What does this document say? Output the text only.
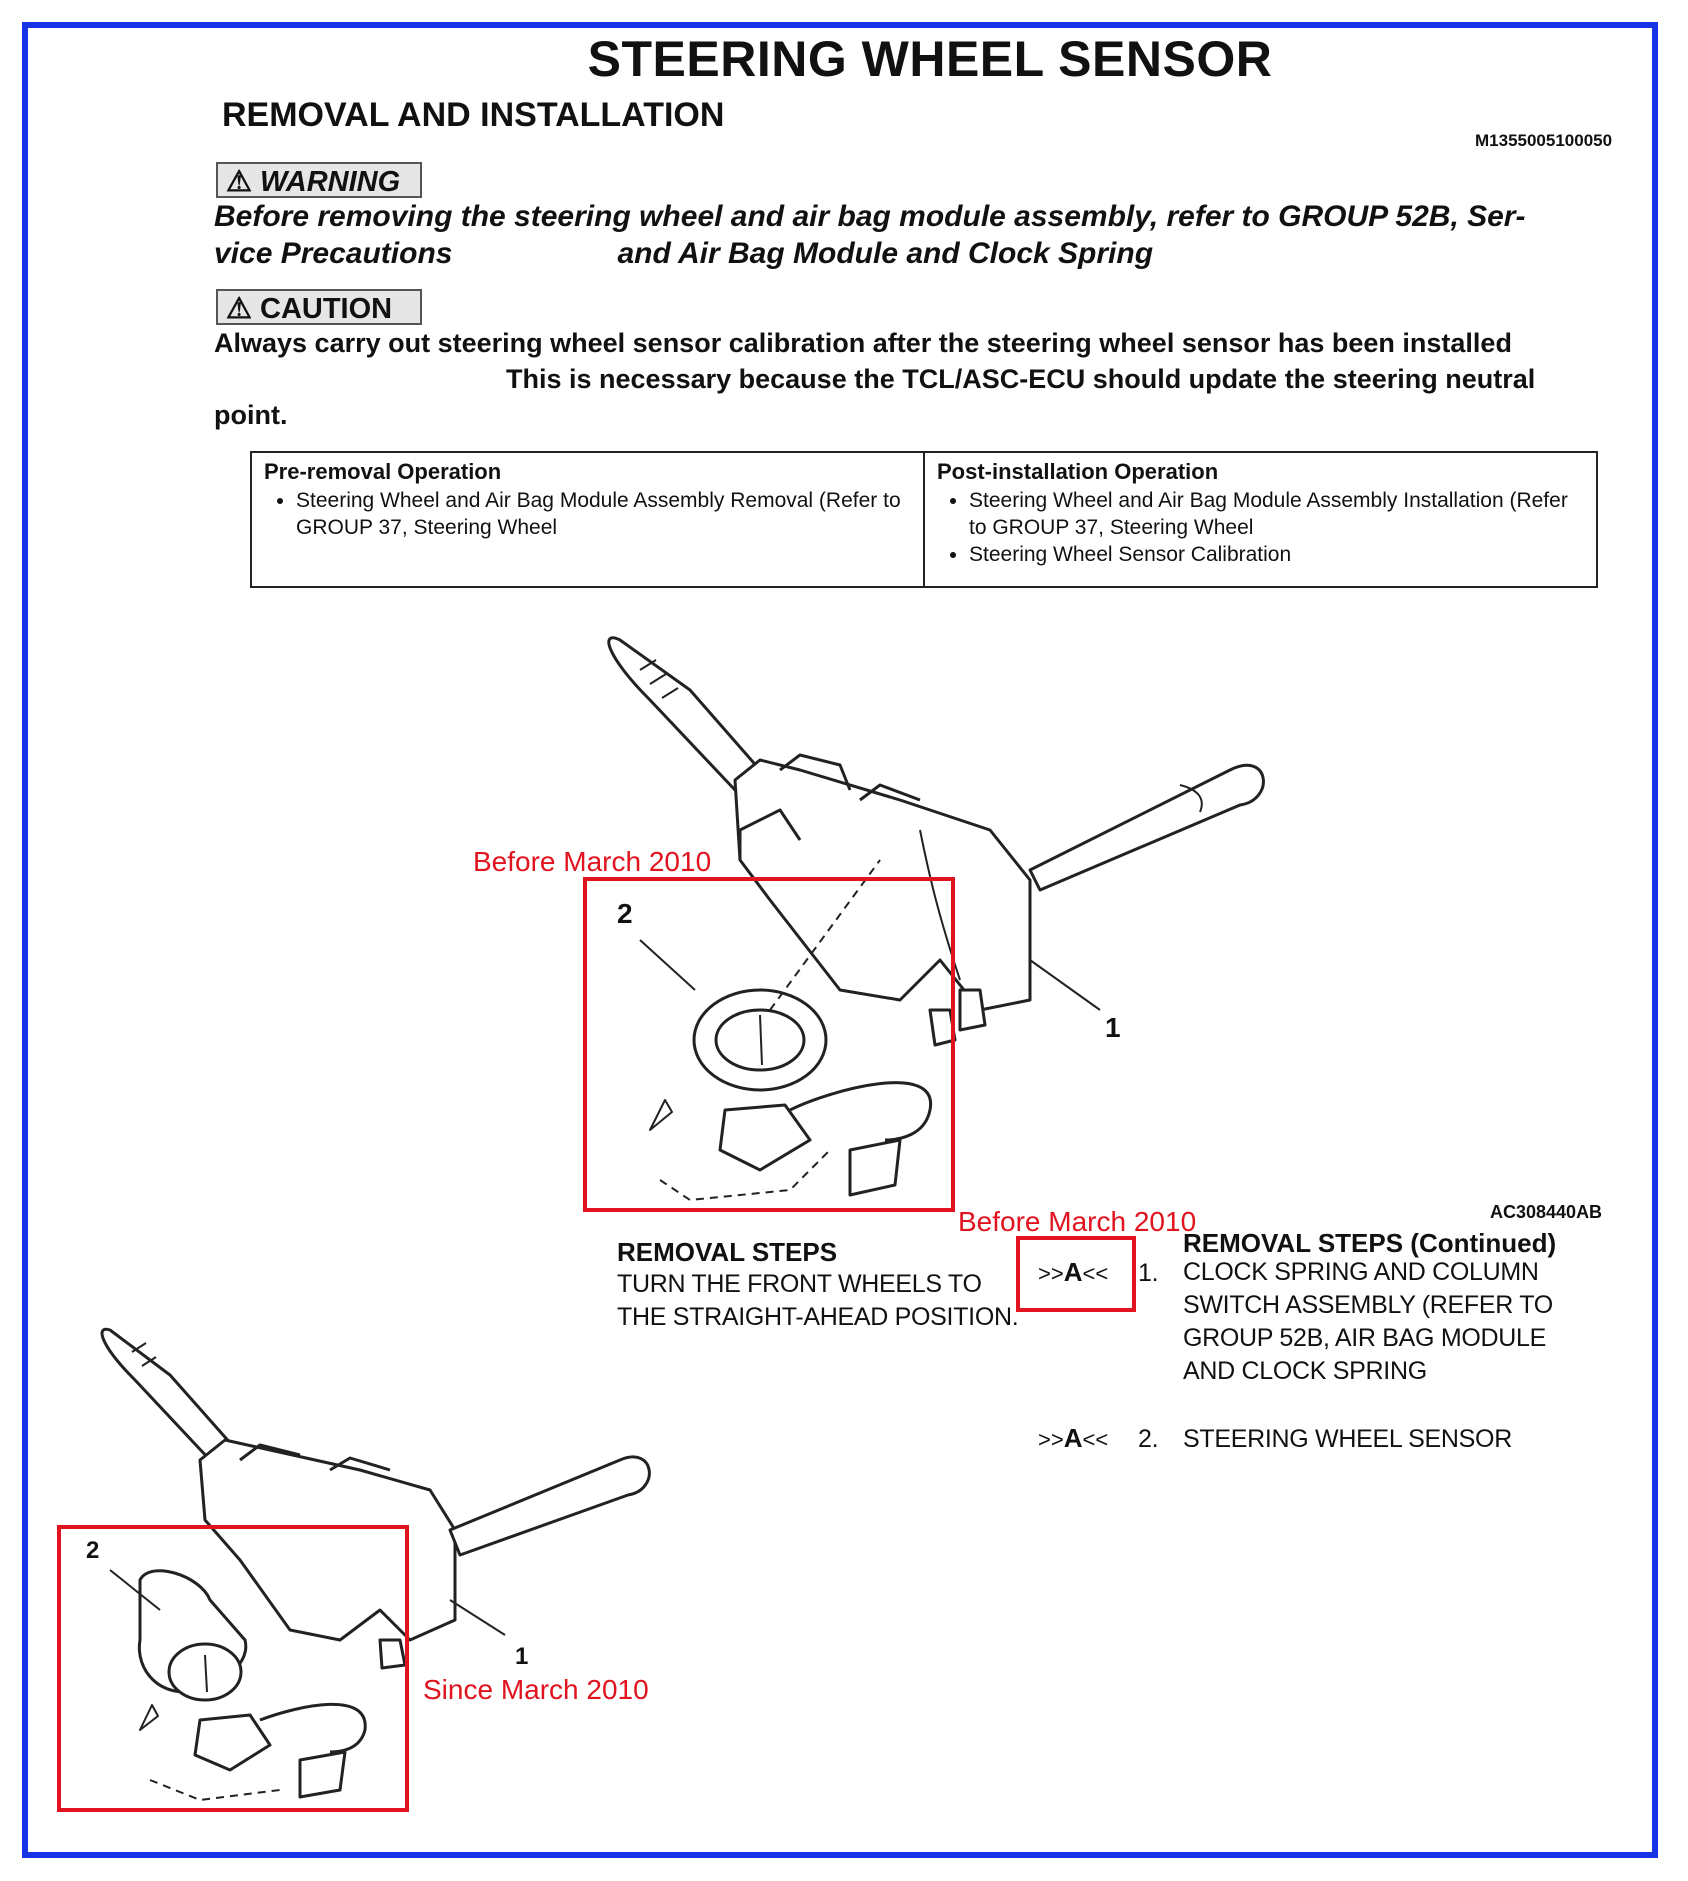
STEERING WHEEL SENSOR
REMOVAL AND INSTALLATION
M1355005100050
⚠ WARNING
Before removing the steering wheel and air bag module assembly, refer to GROUP 52B, Ser-
vice Precautions	and Air Bag Module and Clock Spring
⚠ CAUTION
Always carry out steering wheel sensor calibration after the steering wheel sensor has been installed
This is necessary because the TCL/ASC-ECU should update the steering neutral
point.
Pre-removal Operation
• Steering Wheel and Air Bag Module Assembly Removal (Refer to GROUP 37, Steering Wheel
Post-installation Operation
• Steering Wheel and Air Bag Module Assembly Installation (Refer to GROUP 37, Steering Wheel
• Steering Wheel Sensor Calibration
Before March 2010
Before March 2010
Since March 2010
2
1
2
1
AC308440AB
REMOVAL STEPS
TURN THE FRONT WHEELS TO
THE STRAIGHT-AHEAD POSITION.
REMOVAL STEPS (Continued)
>>A<< 1. CLOCK SPRING AND COLUMN
SWITCH ASSEMBLY (REFER TO
GROUP 52B, AIR BAG MODULE
AND CLOCK SPRING
>>A<< 2. STEERING WHEEL SENSOR
